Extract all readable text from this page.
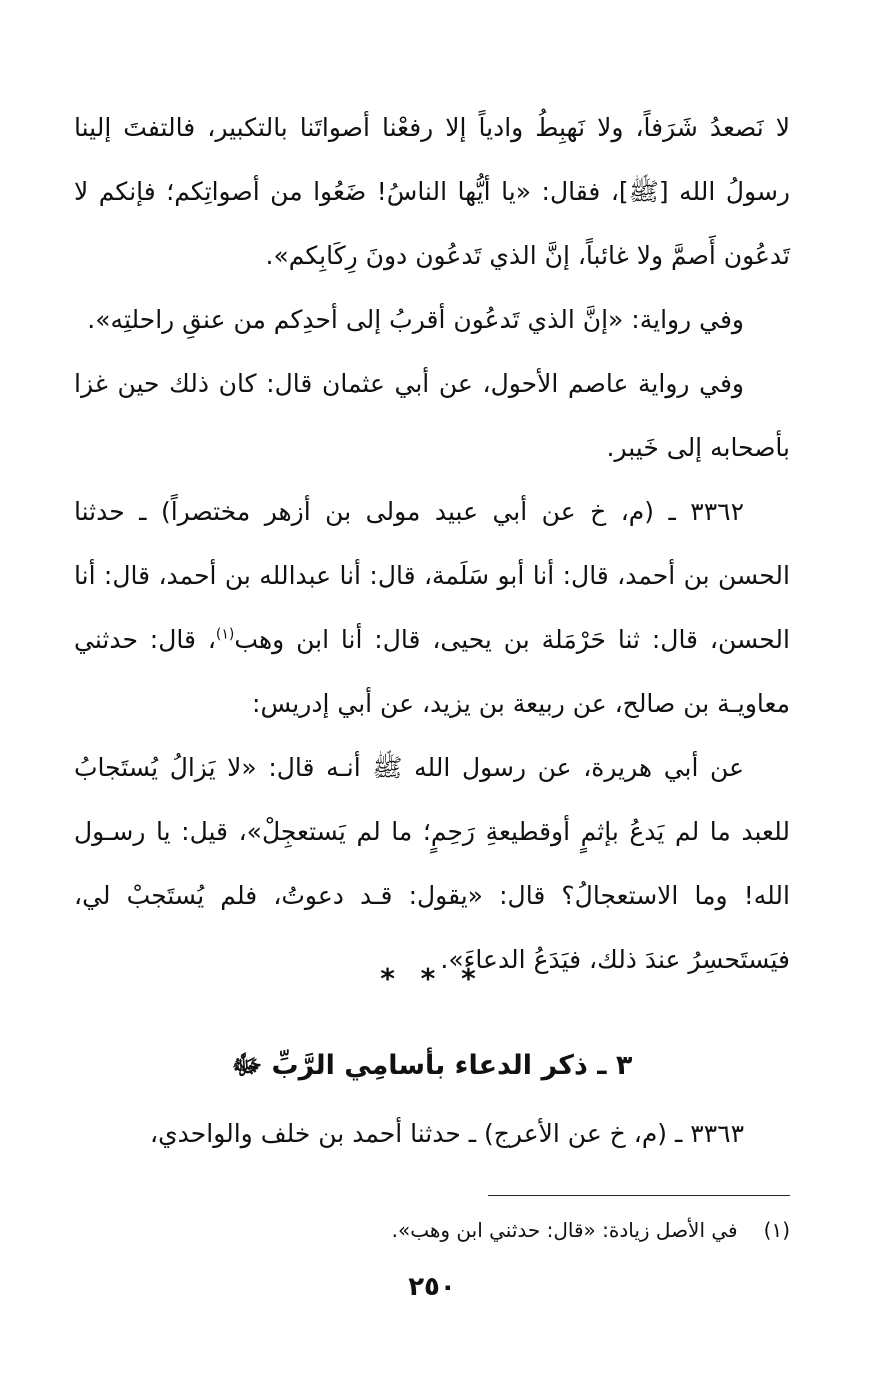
لا نَصعدُ شَرَفاً، ولا نَهبِطُ وادياً إلا رفعْنا أصواتَنا بالتكبير، فالتفتَ إلينا رسولُ الله [ﷺ]، فقال: «يا أيُّها الناسُ! ضَعُوا من أصواتِكم؛ فإنكم لا تَدعُون أَصمَّ ولا غائباً، إنَّ الذي تَدعُون دونَ رِكَابِكم».

وفي رواية: «إنَّ الذي تَدعُون أقربُ إلى أحدِكم من عنقِ راحلتِه».

وفي رواية عاصم الأحول، عن أبي عثمان قال: كان ذلك حين غزا بأصحابه إلى خَيبر.

٣٣٦٢ ـ (م، خ عن أبي عبيد مولى بن أزهر مختصراً) ـ حدثنا الحسن بن أحمد، قال: أنا أبو سَلَمة، قال: أنا عبدالله بن أحمد، قال: أنا الحسن، قال: ثنا حَرْمَلة بن يحيى، قال: أنا ابن وهب$^{(١)}$، قال: حدثني معاويـة بن صالح، عن ربيعة بن يزيد، عن أبي إدريس:

عن أبي هريرة، عن رسول الله ﷺ أنـه قال: «لا يَزالُ يُستَجابُ للعبد ما لم يَدعُ بإثمٍ أوقطيعةِ رَحِمٍ؛ ما لم يَستعجِلْ»، قيل: يا رسـول الله! وما الاستعجالُ؟ قال: «يقول: قـد دعوتُ، فلم يُستَجبْ لي، فيَستَحسِرُ عندَ ذلك، فيَدَعُ الدعاءَ».

* * *
٣ ـ ذكر الدعاء بأسامِي الرَّبِّ ﷻ

٣٣٦٣ ـ (م، خ عن الأعرج) ـ حدثنا أحمد بن خلف والواحدي،

(١)في الأصل زيادة: «قال: حدثني ابن وهب».
٢٥٠
